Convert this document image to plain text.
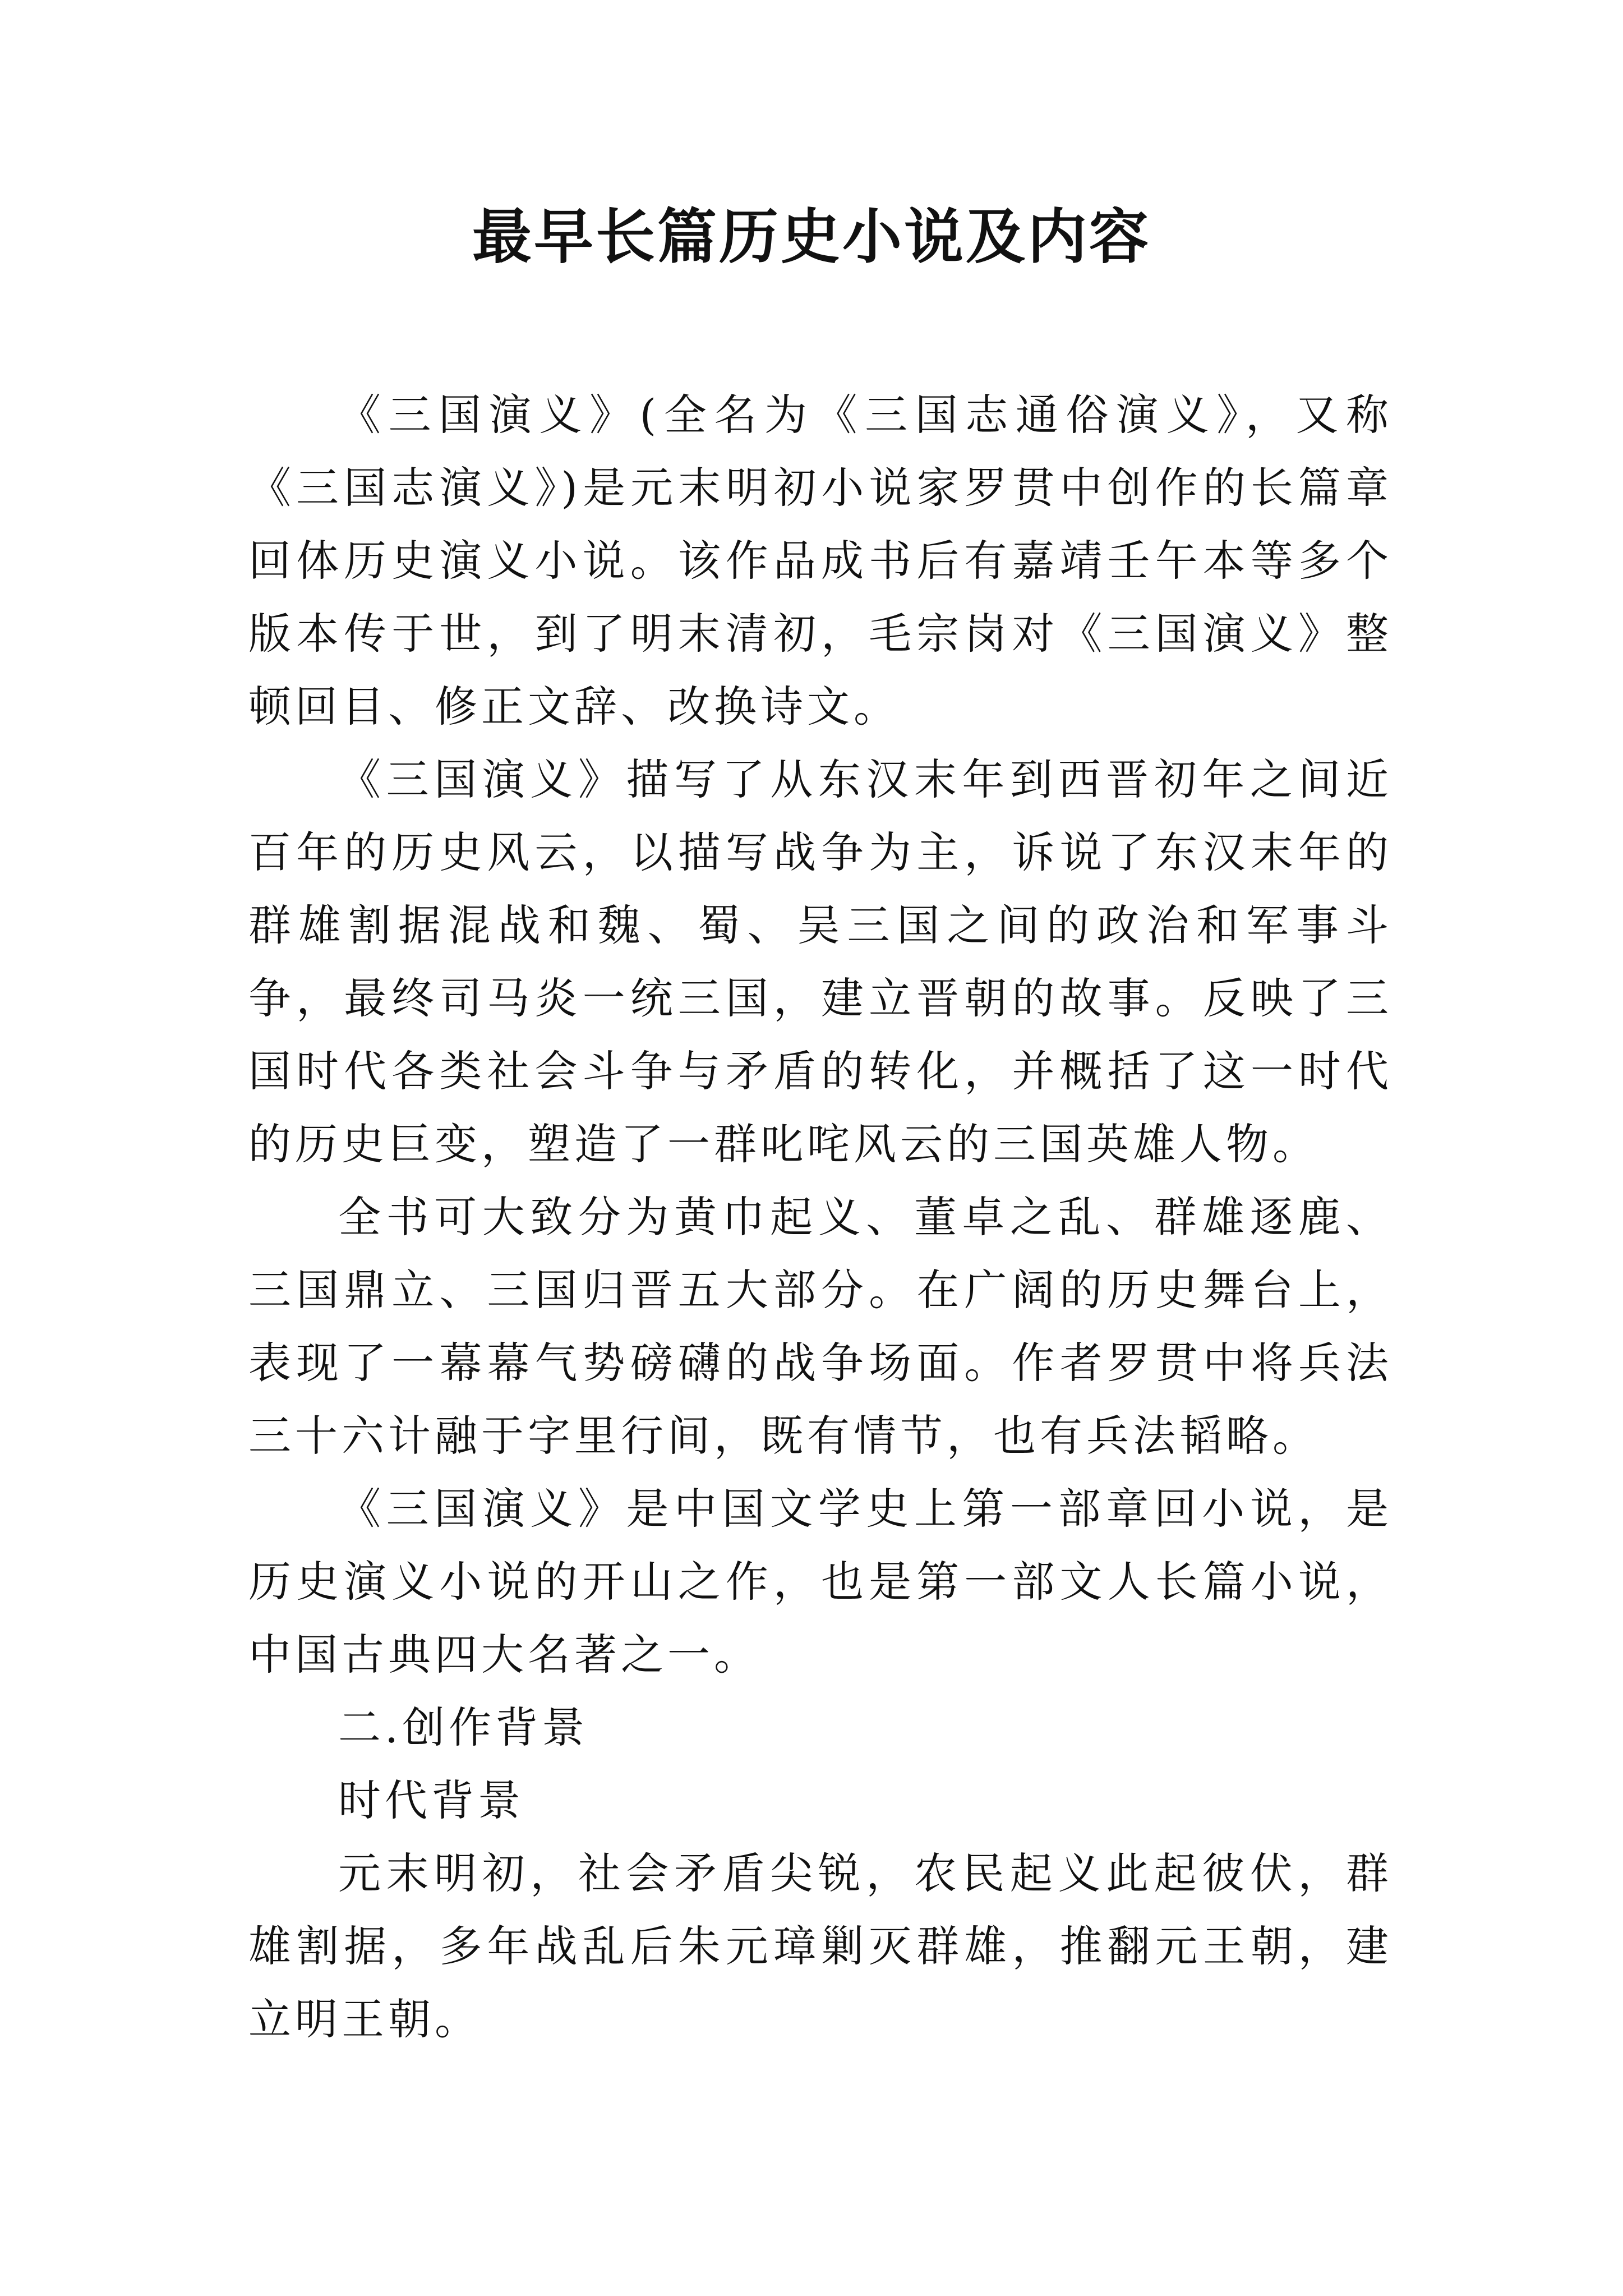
最早长篇历史小说及内容

《三国演义》(全名为《三国志通俗演义》，又称《三国志演义》)是元末明初小说家罗贯中创作的长篇章回体历史演义小说。该作品成书后有嘉靖壬午本等多个版本传于世，到了明末清初，毛宗岗对《三国演义》整顿回目、修正文辞、改换诗文。

《三国演义》描写了从东汉末年到西晋初年之间近百年的历史风云，以描写战争为主，诉说了东汉末年的群雄割据混战和魏、蜀、吴三国之间的政治和军事斗争，最终司马炎一统三国，建立晋朝的故事。反映了三国时代各类社会斗争与矛盾的转化，并概括了这一时代的历史巨变，塑造了一群叱咤风云的三国英雄人物。

全书可大致分为黄巾起义、董卓之乱、群雄逐鹿、三国鼎立、三国归晋五大部分。在广阔的历史舞台上，表现了一幕幕气势磅礴的战争场面。作者罗贯中将兵法三十六计融于字里行间，既有情节，也有兵法韬略。

《三国演义》是中国文学史上第一部章回小说，是历史演义小说的开山之作，也是第一部文人长篇小说， 中国古典四大名著之一。

二.创作背景

时代背景

元末明初，社会矛盾尖锐，农民起义此起彼伏，群雄割据，多年战乱后朱元璋剿灭群雄，推翻元王朝，建立明王朝。
